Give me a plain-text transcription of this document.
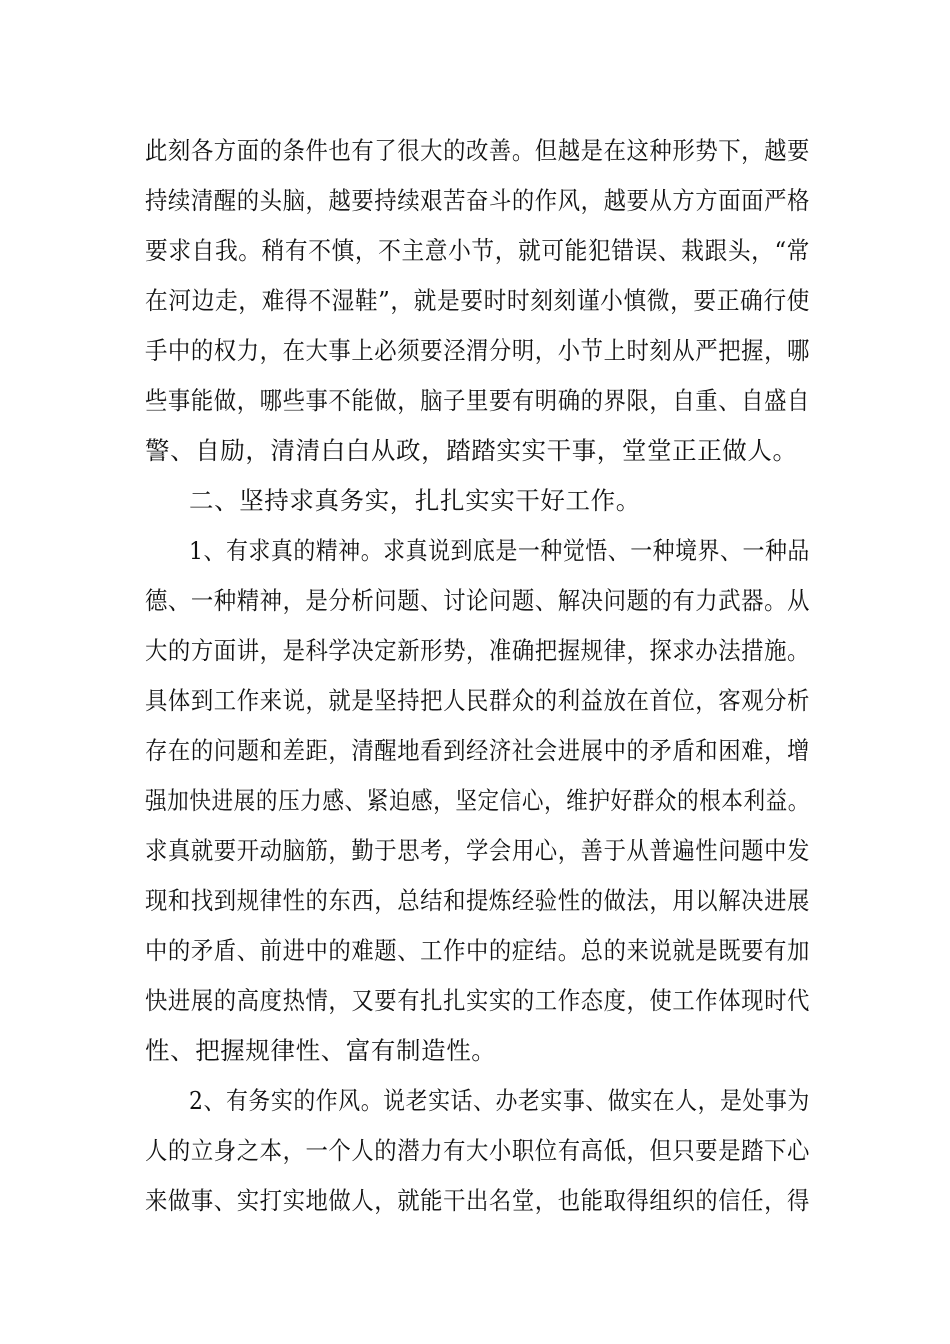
此刻各方面的条件也有了很大的改善。但越是在这种形势下，越要
持续清醒的头脑，越要持续艰苦奋斗的作风，越要从方方面面严格
要求自我。稍有不慎，不主意小节，就可能犯错误、栽跟头，“常
在河边走，难得不湿鞋”，就是要时时刻刻谨小慎微，要正确行使
手中的权力，在大事上必须要泾渭分明，小节上时刻从严把握，哪
些事能做，哪些事不能做，脑子里要有明确的界限，自重、自盛自
警、自励，清清白白从政，踏踏实实干事，堂堂正正做人。
二、坚持求真务实，扎扎实实干好工作。
1、有求真的精神。求真说到底是一种觉悟、一种境界、一种品
德、一种精神，是分析问题、讨论问题、解决问题的有力武器。从
大的方面讲，是科学决定新形势，准确把握规律，探求办法措施。
具体到工作来说，就是坚持把人民群众的利益放在首位，客观分析
存在的问题和差距，清醒地看到经济社会进展中的矛盾和困难，增
强加快进展的压力感、紧迫感，坚定信心，维护好群众的根本利益。
求真就要开动脑筋，勤于思考，学会用心，善于从普遍性问题中发
现和找到规律性的东西，总结和提炼经验性的做法，用以解决进展
中的矛盾、前进中的难题、工作中的症结。总的来说就是既要有加
快进展的高度热情，又要有扎扎实实的工作态度，使工作体现时代
性、把握规律性、富有制造性。
2、有务实的作风。说老实话、办老实事、做实在人，是处事为
人的立身之本，一个人的潜力有大小职位有高低，但只要是踏下心
来做事、实打实地做人，就能干出名堂，也能取得组织的信任，得
